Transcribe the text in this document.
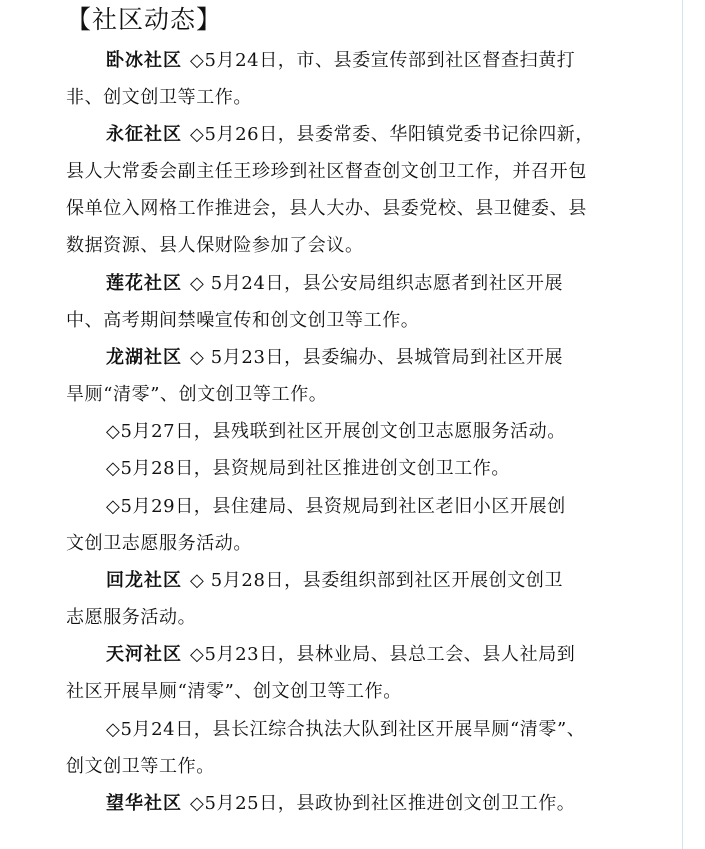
【社区动态】
卧冰社区 ◇5月24日，市、县委宣传部到社区督查扫黄打
非、创文创卫等工作。
永征社区 ◇5月26日，县委常委、华阳镇党委书记徐四新，
县人大常委会副主任王珍珍到社区督查创文创卫工作，并召开包
保单位入网格工作推进会，县人大办、县委党校、县卫健委、县
数据资源、县人保财险参加了会议。
莲花社区 ◇ 5月24日，县公安局组织志愿者到社区开展
中、高考期间禁噪宣传和创文创卫等工作。
龙湖社区 ◇ 5月23日，县委编办、县城管局到社区开展
旱厕“清零”、创文创卫等工作。
◇5月27日，县残联到社区开展创文创卫志愿服务活动。
◇5月28日，县资规局到社区推进创文创卫工作。
◇5月29日，县住建局、县资规局到社区老旧小区开展创
文创卫志愿服务活动。
回龙社区 ◇ 5月28日，县委组织部到社区开展创文创卫
志愿服务活动。
天河社区 ◇5月23日，县林业局、县总工会、县人社局到
社区开展旱厕“清零”、创文创卫等工作。
◇5月24日，县长江综合执法大队到社区开展旱厕“清零”、
创文创卫等工作。
望华社区 ◇5月25日，县政协到社区推进创文创卫工作。
